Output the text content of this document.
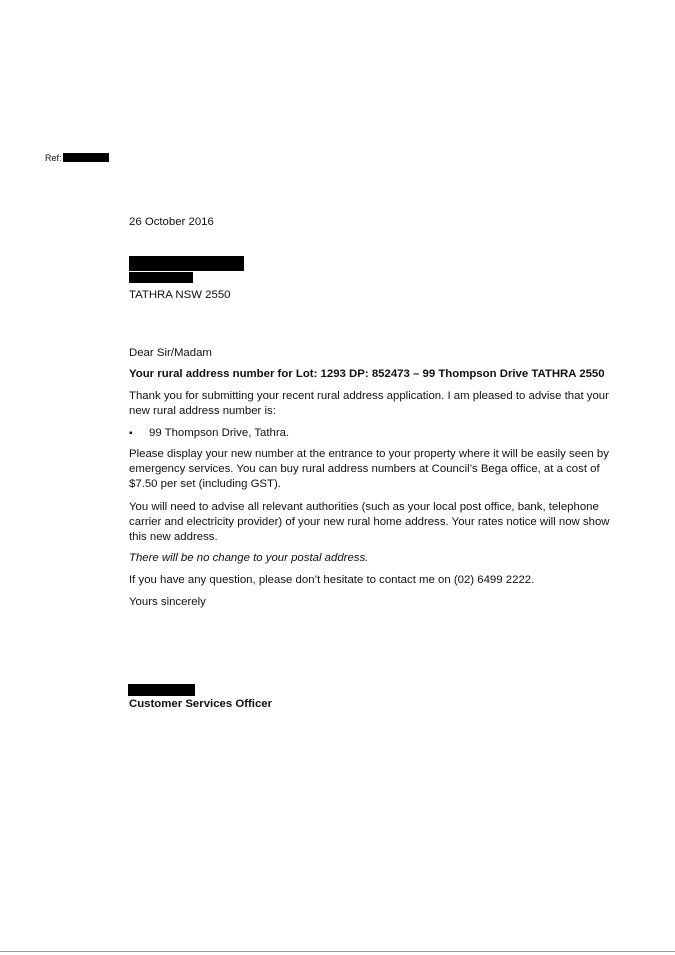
Ref:
26 October 2016
TATHRA NSW 2550
Dear Sir/Madam
Your rural address number for Lot: 1293 DP: 852473 – 99 Thompson Drive TATHRA 2550
Thank you for submitting your recent rural address application. I am pleased to advise that your new rural address number is:
▪ 99 Thompson Drive, Tathra.
Please display your new number at the entrance to your property where it will be easily seen by emergency services. You can buy rural address numbers at Council’s Bega office, at a cost of $7.50 per set (including GST).
You will need to advise all relevant authorities (such as your local post office, bank, telephone carrier and electricity provider) of your new rural home address. Your rates notice will now show this new address.
There will be no change to your postal address.
If you have any question, please don’t hesitate to contact me on (02) 6499 2222.
Yours sincerely
Customer Services Officer
